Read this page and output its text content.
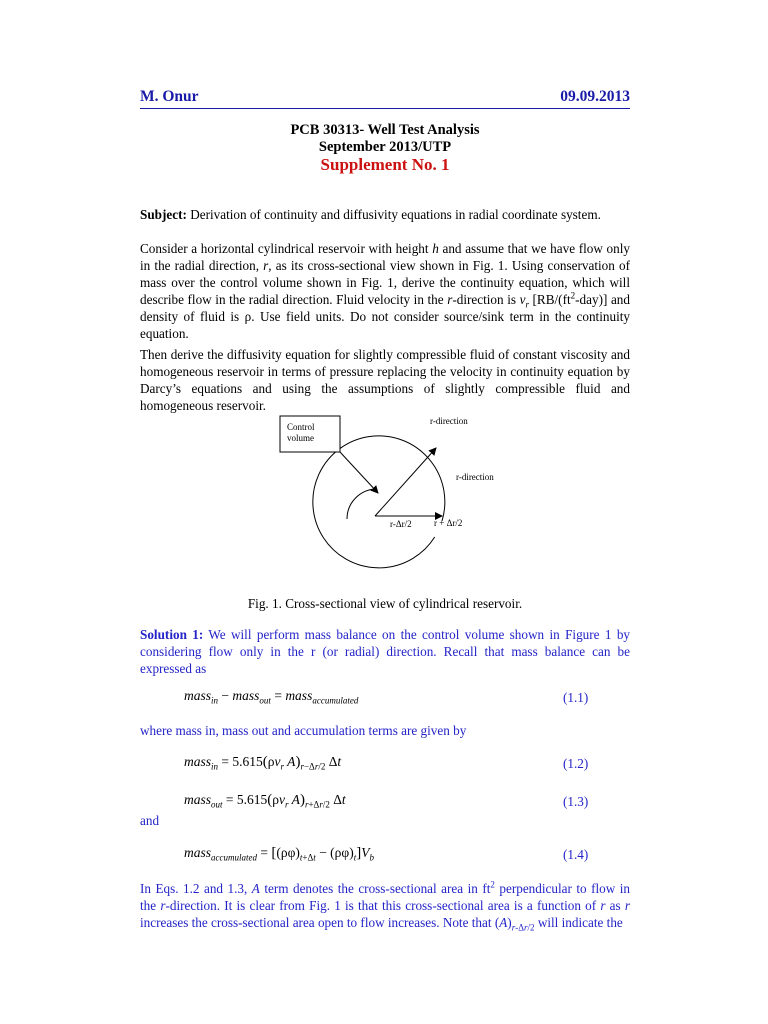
M. Onur	09.09.2013
PCB 30313- Well Test Analysis
September 2013/UTP
Supplement No. 1

Subject: Derivation of continuity and diffusivity equations in radial coordinate system.

Consider a horizontal cylindrical reservoir with height h and assume that we have flow only in the radial direction, r, as its cross-sectional view shown in Fig. 1. Using conservation of mass over the control volume shown in Fig. 1, derive the continuity equation, which will describe flow in the radial direction. Fluid velocity in the r-direction is $v_r$ $[RB/(ft^2-day)]$ and density of fluid is ρ. Use field units. Do not consider source/sink term in the continuity equation.

Then derive the diffusivity equation for slightly compressible fluid of constant viscosity and homogeneous reservoir in terms of pressure replacing the velocity in continuity equation by Darcy’s equations and using the assumptions of slightly compressible fluid and homogeneous reservoir.

Control
volume
r-direction
r-direction
r-Δr/2 r + Δr/2
Fig. 1. Cross-sectional view of cylindrical reservoir.

Solution 1: We will perform mass balance on the control volume shown in Figure 1 by considering flow only in the r (or radial) direction. Recall that mass balance can be expressed as

mass$_{in}$ − mass$_{out}$ = mass$_{accumulated}$	(1.1)

where mass in, mass out and accumulation terms are given by

mass$_{in}$ = $5.615(\rho v_r$ $A)_{r-\Delta r/2}$ Δt	(1.2)
mass$_{out}$ = $5.615(\rho v_r$ $A)_{r+\Delta r/2}$ Δt	(1.3)
and
mass$_{accumulated}$ = $[(\rho\varphi)_{t+\Delta t} - (\rho\varphi)_t]V_b$	(1.4)

In Eqs. 1.2 and 1.3, A term denotes the cross-sectional area in $ft^2$ perpendicular to flow in the r-direction. It is clear from Fig. 1 is that this cross-sectional area is a function of r as r increases the cross-sectional area open to flow increases. Note that $(A)_{r-\Delta r/2}$ will indicate the
